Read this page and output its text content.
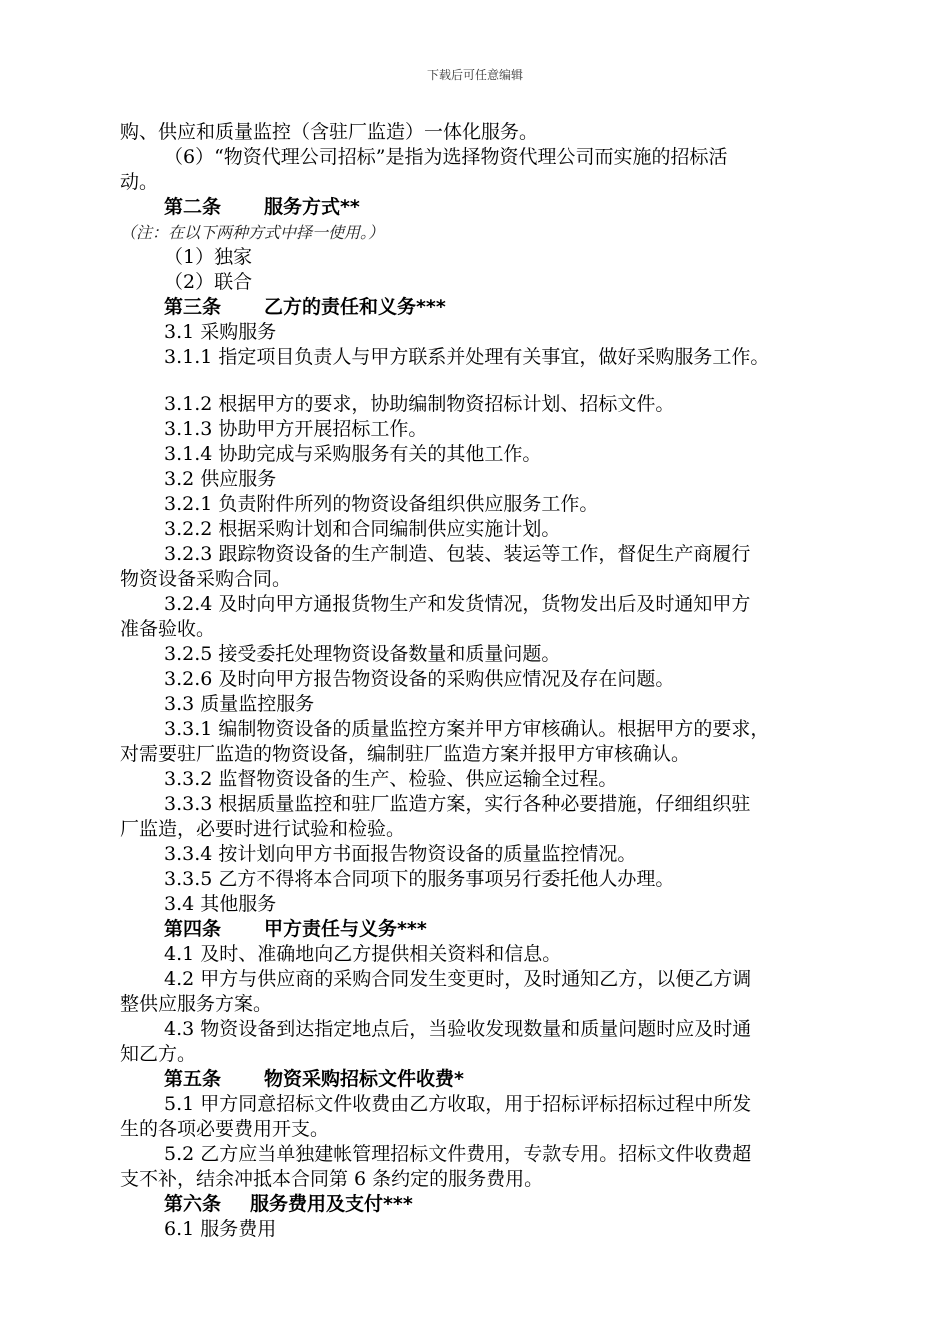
下载后可任意编辑
购、供应和质量监控（含驻厂监造）一体化服务。
（6）“物资代理公司招标”是指为选择物资代理公司而实施的招标活
动。
第二条 服务方式**
（注：在以下两种方式中择一使用。）
（1）独家
（2）联合
第三条 乙方的责任和义务***
3.1 采购服务
3.1.1 指定项目负责人与甲方联系并处理有关事宜，做好采购服务工作。
3.1.2 根据甲方的要求，协助编制物资招标计划、招标文件。
3.1.3 协助甲方开展招标工作。
3.1.4 协助完成与采购服务有关的其他工作。
3.2 供应服务
3.2.1 负责附件所列的物资设备组织供应服务工作。
3.2.2 根据采购计划和合同编制供应实施计划。
3.2.3 跟踪物资设备的生产制造、包装、装运等工作，督促生产商履行
物资设备采购合同。
3.2.4 及时向甲方通报货物生产和发货情况，货物发出后及时通知甲方
准备验收。
3.2.5 接受委托处理物资设备数量和质量问题。
3.2.6 及时向甲方报告物资设备的采购供应情况及存在问题。
3.3 质量监控服务
3.3.1 编制物资设备的质量监控方案并甲方审核确认。根据甲方的要求，
对需要驻厂监造的物资设备，编制驻厂监造方案并报甲方审核确认。
3.3.2 监督物资设备的生产、检验、供应运输全过程。
3.3.3 根据质量监控和驻厂监造方案，实行各种必要措施，仔细组织驻
厂监造，必要时进行试验和检验。
3.3.4 按计划向甲方书面报告物资设备的质量监控情况。
3.3.5 乙方不得将本合同项下的服务事项另行委托他人办理。
3.4 其他服务
第四条 甲方责任与义务***
4.1 及时、准确地向乙方提供相关资料和信息。
4.2 甲方与供应商的采购合同发生变更时，及时通知乙方，以便乙方调
整供应服务方案。
4.3 物资设备到达指定地点后，当验收发现数量和质量问题时应及时通
知乙方。
第五条 物资采购招标文件收费*
5.1 甲方同意招标文件收费由乙方收取，用于招标评标招标过程中所发
生的各项必要费用开支。
5.2 乙方应当单独建帐管理招标文件费用，专款专用。招标文件收费超
支不补，结余冲抵本合同第 6 条约定的服务费用。
第六条 服务费用及支付***
6.1 服务费用
